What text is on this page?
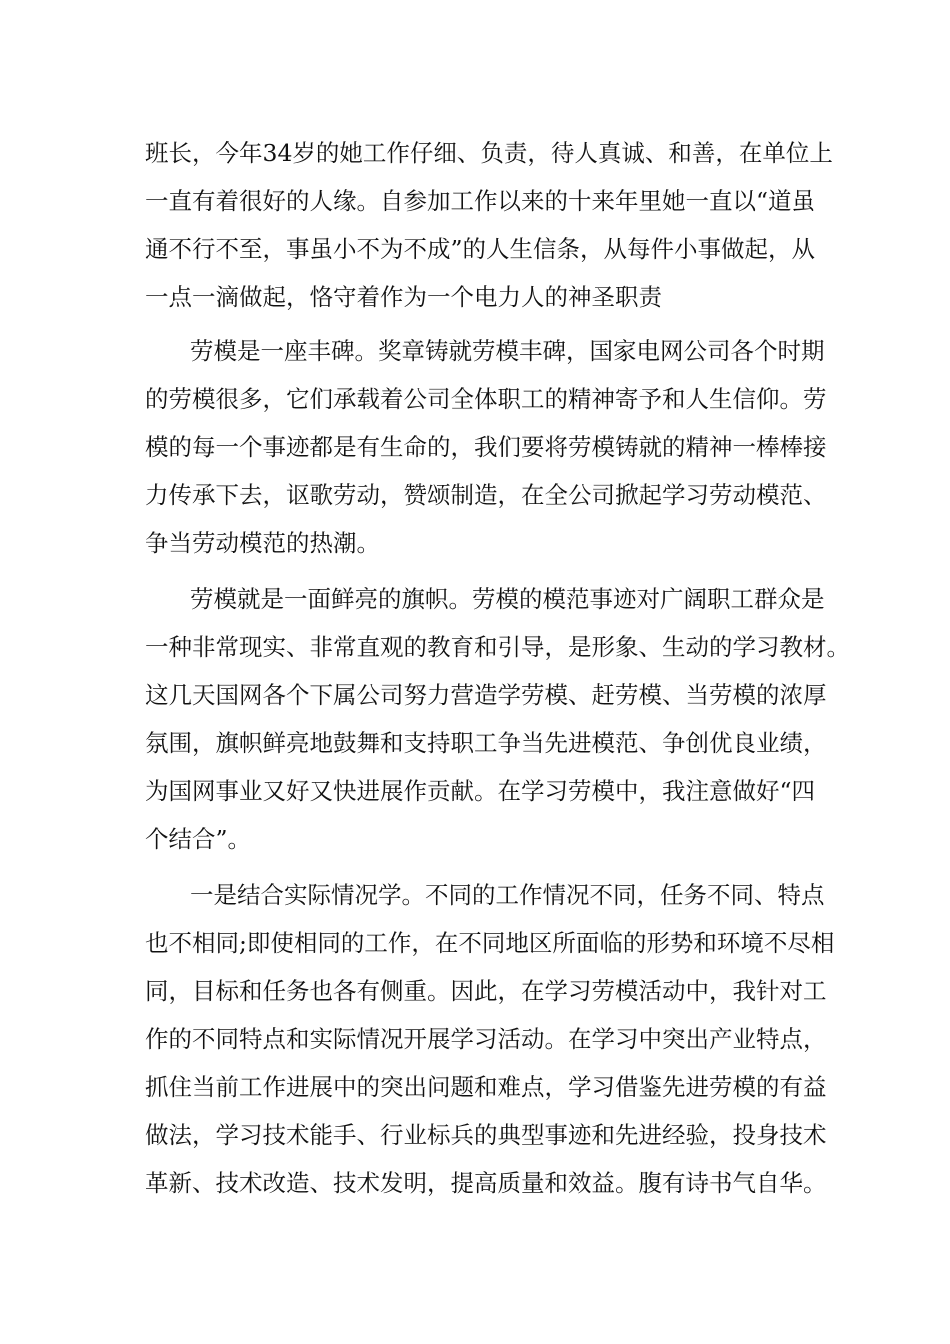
班长，今年34岁的她工作仔细、负责，待人真诚、和善，在单位上

一直有着很好的人缘。自参加工作以来的十来年里她一直以“道虽

通不行不至，事虽小不为不成”的人生信条，从每件小事做起，从

一点一滴做起，恪守着作为一个电力人的神圣职责

劳模是一座丰碑。奖章铸就劳模丰碑，国家电网公司各个时期

的劳模很多，它们承载着公司全体职工的精神寄予和人生信仰。劳

模的每一个事迹都是有生命的，我们要将劳模铸就的精神一棒棒接

力传承下去，讴歌劳动，赞颂制造，在全公司掀起学习劳动模范、

争当劳动模范的热潮。

劳模就是一面鲜亮的旗帜。劳模的模范事迹对广阔职工群众是

一种非常现实、非常直观的教育和引导，是形象、生动的学习教材。

这几天国网各个下属公司努力营造学劳模、赶劳模、当劳模的浓厚

氛围，旗帜鲜亮地鼓舞和支持职工争当先进模范、争创优良业绩，

为国网事业又好又快进展作贡献。在学习劳模中，我注意做好“四

个结合”。

一是结合实际情况学。不同的工作情况不同，任务不同、特点

也不相同;即使相同的工作，在不同地区所面临的形势和环境不尽相

同，目标和任务也各有侧重。因此，在学习劳模活动中，我针对工

作的不同特点和实际情况开展学习活动。在学习中突出产业特点，

抓住当前工作进展中的突出问题和难点，学习借鉴先进劳模的有益

做法，学习技术能手、行业标兵的典型事迹和先进经验，投身技术

革新、技术改造、技术发明，提高质量和效益。腹有诗书气自华。
